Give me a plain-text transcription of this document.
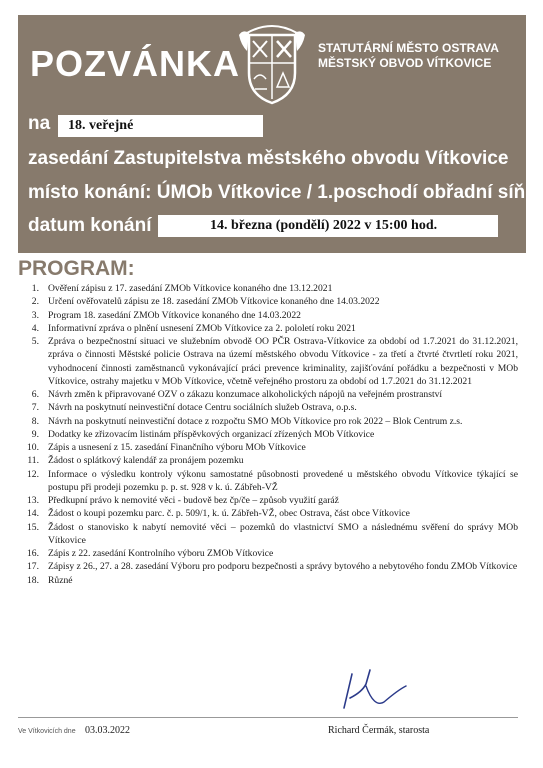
POZVÁNKA	STATUTÁRNÍ MĚSTO OSTRAVA
MĚSTSKÝ OBVOD VÍTKOVICE
na	18. veřejné
zasedání Zastupitelstva městského obvodu Vítkovice
místo konání: ÚMOb Vítkovice / 1.poschodí obřadní síň
datum konání	14. března (pondělí) 2022 v 15:00 hod.
PROGRAM:
1. Ověření zápisu z 17. zasedání ZMOb Vítkovice konaného dne 13.12.2021
2. Určení ověřovatelů zápisu ze 18. zasedání ZMOb Vítkovice konaného dne 14.03.2022
3. Program 18. zasedání ZMOb Vítkovice konaného dne 14.03.2022
4. Informativní zpráva o plnění usnesení ZMOb Vítkovice za 2. pololetí roku 2021
5. Zpráva o bezpečnostní situaci ve služebním obvodě OO PČR Ostrava-Vítkovice za období od 1.7.2021 do 31.12.2021, zpráva o činnosti Městské policie Ostrava na území městského obvodu Vítkovice - za třetí a čtvrté čtvrtletí roku 2021, vyhodnocení činnosti zaměstnanců vykonávající práci prevence kriminality, zajišťování pořádku a bezpečnosti v MOb Vítkovice, ostrahy majetku v MOb Vítkovice, včetně veřejného prostoru za období od 1.7.2021 do 31.12.2021
6. Návrh změn k připravované OZV o zákazu konzumace alkoholických nápojů na veřejném prostranství
7. Návrh na poskytnutí neinvestiční dotace Centru sociálních služeb Ostrava, o.p.s.
8. Návrh na poskytnutí neinvestiční dotace z rozpočtu SMO MOb Vítkovice pro rok 2022 – Blok Centrum z.s.
9. Dodatky ke zřizovacím listinám příspěvkových organizací zřízených MOb Vítkovice
10. Zápis a usnesení z 15. zasedání Finančního výboru MOb Vítkovice
11. Žádost o splátkový kalendář za pronájem pozemku
12. Informace o výsledku kontroly výkonu samostatné působnosti provedené u městského obvodu Vítkovice týkající se postupu při prodeji pozemku p. p. st. 928 v k. ú. Zábřeh-VŽ
13. Předkupní právo k nemovité věci - budově bez čp/če – způsob využití garáž
14. Žádost o koupi pozemku parc. č. p. 509/1, k. ú. Zábřeh-VŽ, obec Ostrava, část obce Vítkovice
15. Žádost o stanovisko k nabytí nemovité věci – pozemků do vlastnictví SMO a následnému svěření do správy MOb Vítkovice
16. Zápis z 22. zasedání Kontrolního výboru ZMOb Vítkovice
17. Zápisy z 26., 27. a 28. zasedání Výboru pro podporu bezpečnosti a správy bytového a nebytového fondu ZMOb Vítkovice
18. Různé
Ve Vítkovicích dne 03.03.2022	Richard Čermák, starosta
